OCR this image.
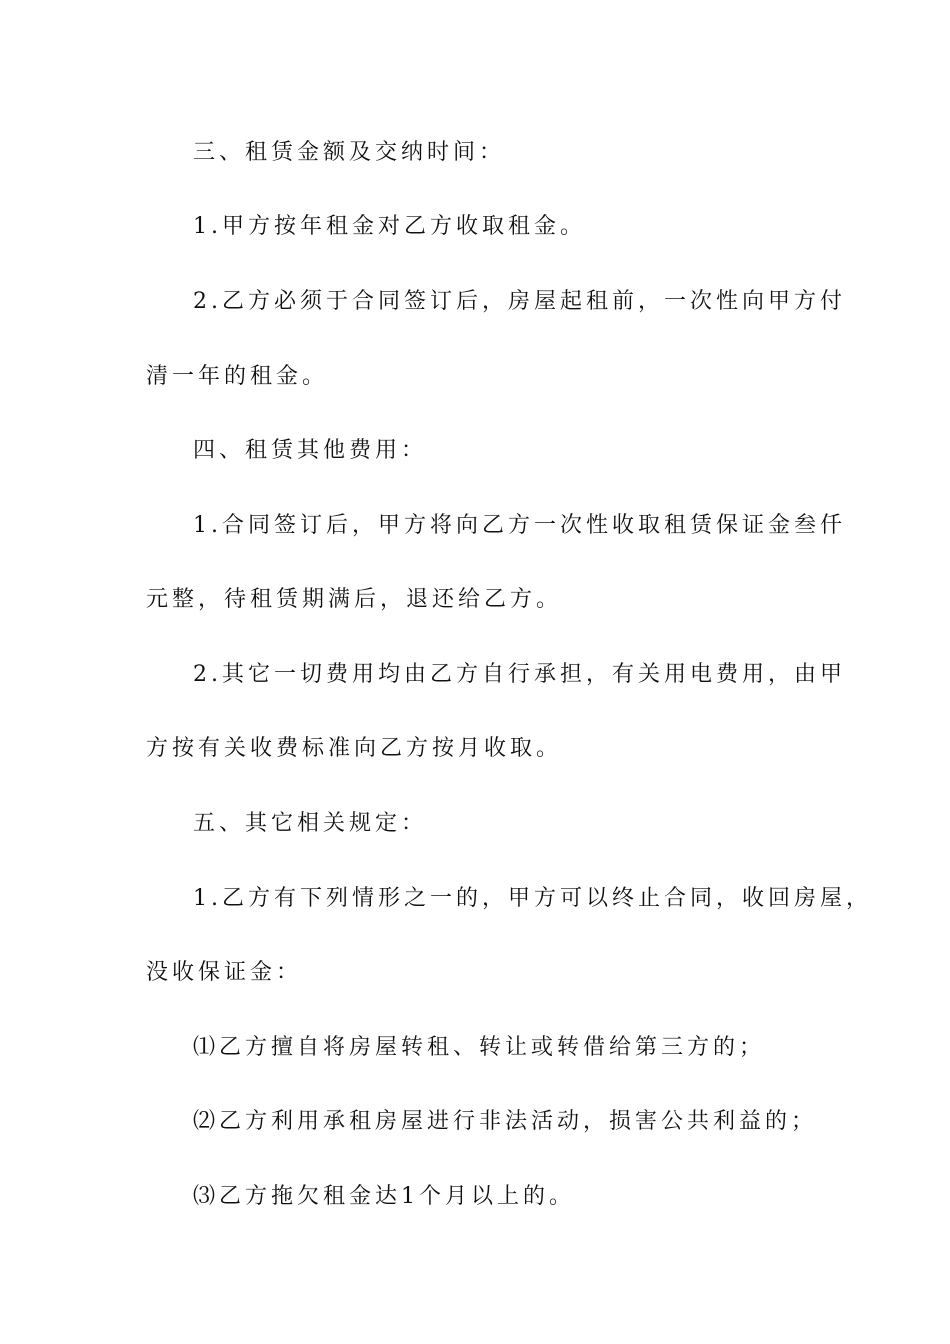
三、租赁金额及交纳时间：
1.甲方按年租金对乙方收取租金。
2.乙方必须于合同签订后，房屋起租前，一次性向甲方付
清一年的租金。
四、租赁其他费用：
1.合同签订后，甲方将向乙方一次性收取租赁保证金叁仟
元整，待租赁期满后，退还给乙方。
2.其它一切费用均由乙方自行承担，有关用电费用，由甲
方按有关收费标准向乙方按月收取。
五、其它相关规定：
1.乙方有下列情形之一的，甲方可以终止合同，收回房屋，
没收保证金：
⑴乙方擅自将房屋转租、转让或转借给第三方的；
⑵乙方利用承租房屋进行非法活动，损害公共利益的；
⑶乙方拖欠租金达1个月以上的。
